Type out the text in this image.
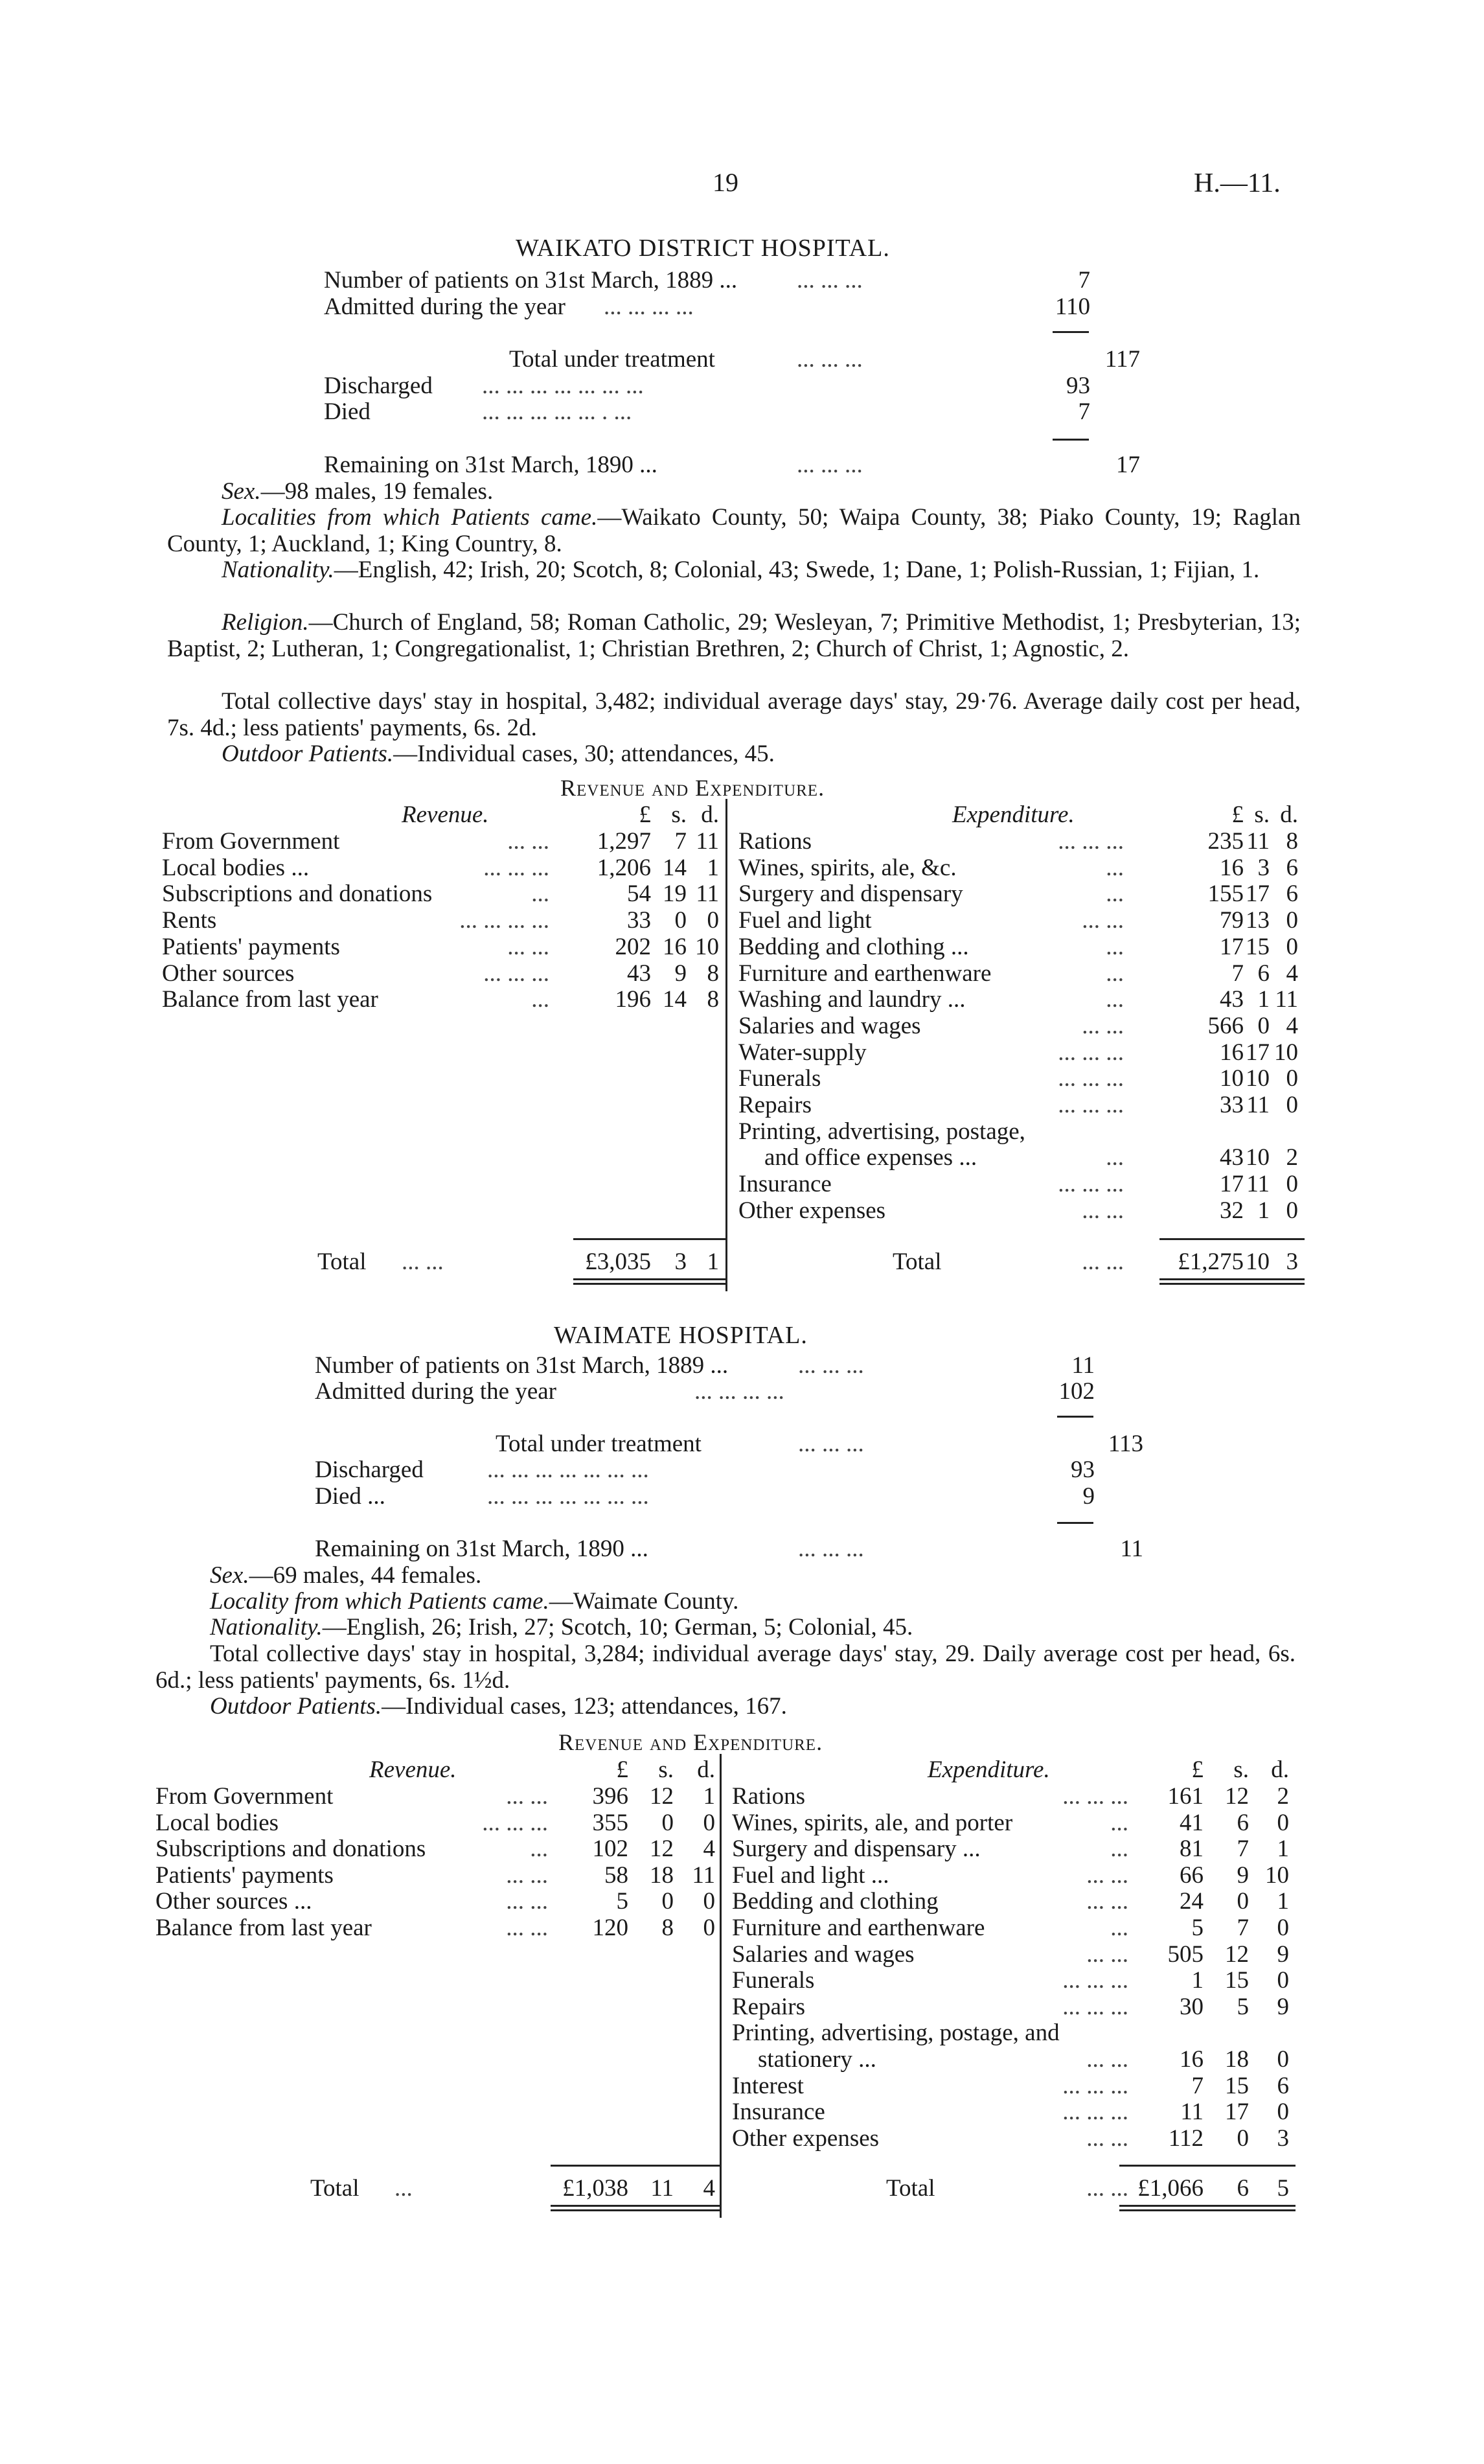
19	H.—11.
WAIKATO DISTRICT HOSPITAL.
Number of patients on 31st March, 1889 ... ... ... ...	7
Admitted during the year ... ... ... ...	110
Discharged ... ... ... ... ... ... ...	93
Died	... ... ... ... ... . ...	7
Total under treatment	... ... ...	117
Remaining on 31st March, 1890 ...	... ... ...	17
Sex.—98 males, 19 females.
Localities from which Patients came.—Waikato County, 50; Waipa County, 38; Piako County, 19; Raglan County, 1; Auckland, 1; King Country, 8.
Nationality.—English, 42; Irish, 20; Scotch, 8; Colonial, 43; Swede, 1; Dane, 1; Polish-Russian, 1; Fijian, 1.
Religion.—Church of England, 58; Roman Catholic, 29; Wesleyan, 7; Primitive Methodist, 1; Presbyterian, 13; Baptist, 2; Lutheran, 1; Congregationalist, 1; Christian Brethren, 2; Church of Christ, 1; Agnostic, 2.
Total collective days' stay in hospital, 3,482; individual average days' stay, 29·76. Average daily cost per head, 7s. 4d.; less patients' payments, 6s. 2d.
Outdoor Patients.—Individual cases, 30; attendances, 45.
Revenue and Expenditure.
Revenue.	Expenditure.
£ s. d.	£ s. d.
From Government	... ... 1,297 7 11
Local bodies ...	... ... ... 1,206 14 1
Subscriptions and donations	...	54 19 11
Rents	... ... ... ...	33 0 0
Patients' payments	... ...	202 16 10
Other sources	... ... ...	43 9 8
Balance from last year	...	196 14 8
Rations	... ... ...	235 11 8
Wines, spirits, ale, &c.	...	16 3 6
Surgery and dispensary	...	155 17 6
Fuel and light	... ...	79 13 0
Bedding and clothing ...	...	17 15 0
Furniture and earthenware	...	7 6 4
Washing and laundry ...	...	43 1 11
Salaries and wages	... ...	566 0 4
Water-supply	... ... ...	16 17 10
Funerals	... ... ...	10 10 0
Repairs	... ... ...	33 11 0
Printing, advertising, postage,
and office expenses ...	...	43 10 2
Insurance	... ... ...	17 11 0
Other expenses	... ...	32 1 0
Total ... ...	£3,035 3 1	Total	... ... £1,275 10 3
WAIMATE HOSPITAL.
Number of patients on 31st March, 1889 ...	... ... ...	11
Admitted during the year	... ... ... ...	102
Discharged	... ... ... ... ... ... ...	93
Died ...	... ... ... ... ... ... ...	9
Total under treatment	... ... ...	113
Remaining on 31st March, 1890 ...	... ... ...	11
Sex.—69 males, 44 females.
Locality from which Patients came.—Waimate County.
Nationality.—English, 26; Irish, 27; Scotch, 10; German, 5; Colonial, 45.
Total collective days' stay in hospital, 3,284; individual average days' stay, 29. Daily average cost per head, 6s. 6d.; less patients' payments, 6s. 1½d.
Outdoor Patients.—Individual cases, 123; attendances, 167.
Revenue and Expenditure.
Revenue.	Expenditure.
£ s. d.	£ s. d.
From Government	... ... 396 12 1
Local bodies	... ... ... 355 0 0
Subscriptions and donations	... 102 12 4
Patients' payments	... ... 58 18 11
Other sources ...	... ...	5 0 0
Balance from last year	... ... 120 8 0
Rations	... ... ... 161 12 2
Wines, spirits, ale, and porter	... 41 6 0
Surgery and dispensary ...	... 81 7 1
Fuel and light ...	... ... 66 9 10
Bedding and clothing	... ... 24 0 1
Furniture and earthenware	...	5 7 0
Salaries and wages	... ... 505 12 9
Funerals	... ... ...	1 15 0
Repairs	... ... ... 30 5 9
Printing, advertising, postage, and
stationery ...	... ... 16 18 0
Interest	... ... ...	7 15 6
Insurance	... ... ... 11 17 0
Other expenses	... ... 112 0 3
Total ...	£1,038 11 4	Total	... ... £1,066 6 5
